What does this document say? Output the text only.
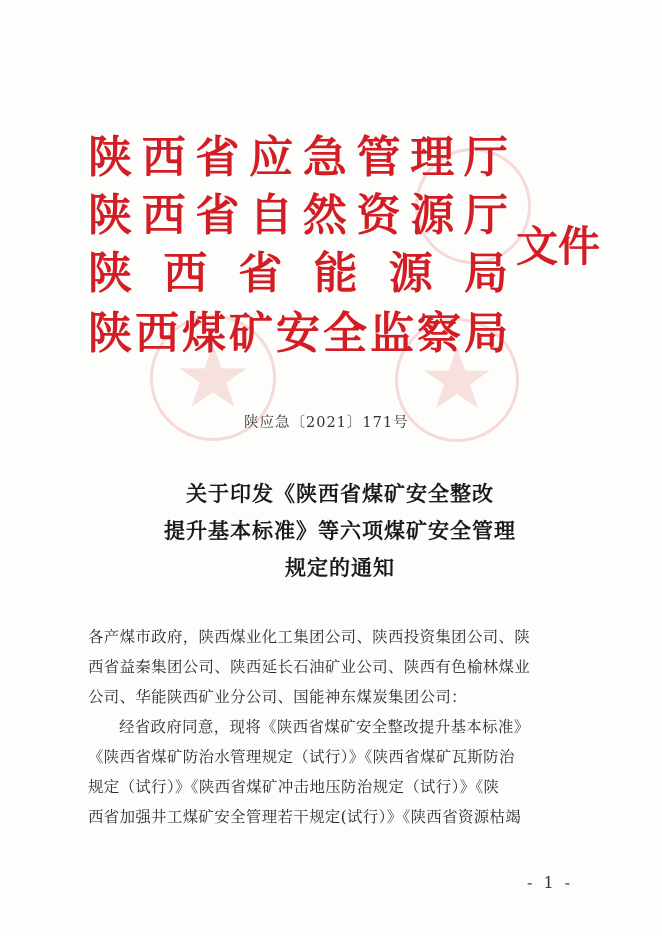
陕 西 省 应 急 管 理 厅
陕 西 省 自 然 资 源 厅
陕 西 省 能 源 局
陕 西 煤 矿 安 全 监 察 局
文件
陕应急〔2021〕171号
关于印发《陕西省煤矿安全整改
提升基本标准》等六项煤矿安全管理
规定的通知
各产煤市政府，陕西煤业化工集团公司、陕西投资集团公司、陕
西省益秦集团公司、陕西延长石油矿业公司、陕西有色榆林煤业
公司、华能陕西矿业分公司、国能神东煤炭集团公司：
经省政府同意，现将《陕西省煤矿安全整改提升基本标准》
《陕西省煤矿防治水管理规定（试行）》《陕西省煤矿瓦斯防治
规定（试行）》《陕西省煤矿冲击地压防治规定（试行）》《陕
西省加强井工煤矿安全管理若干规定(试行）》《陕西省资源枯竭
- 1 -
